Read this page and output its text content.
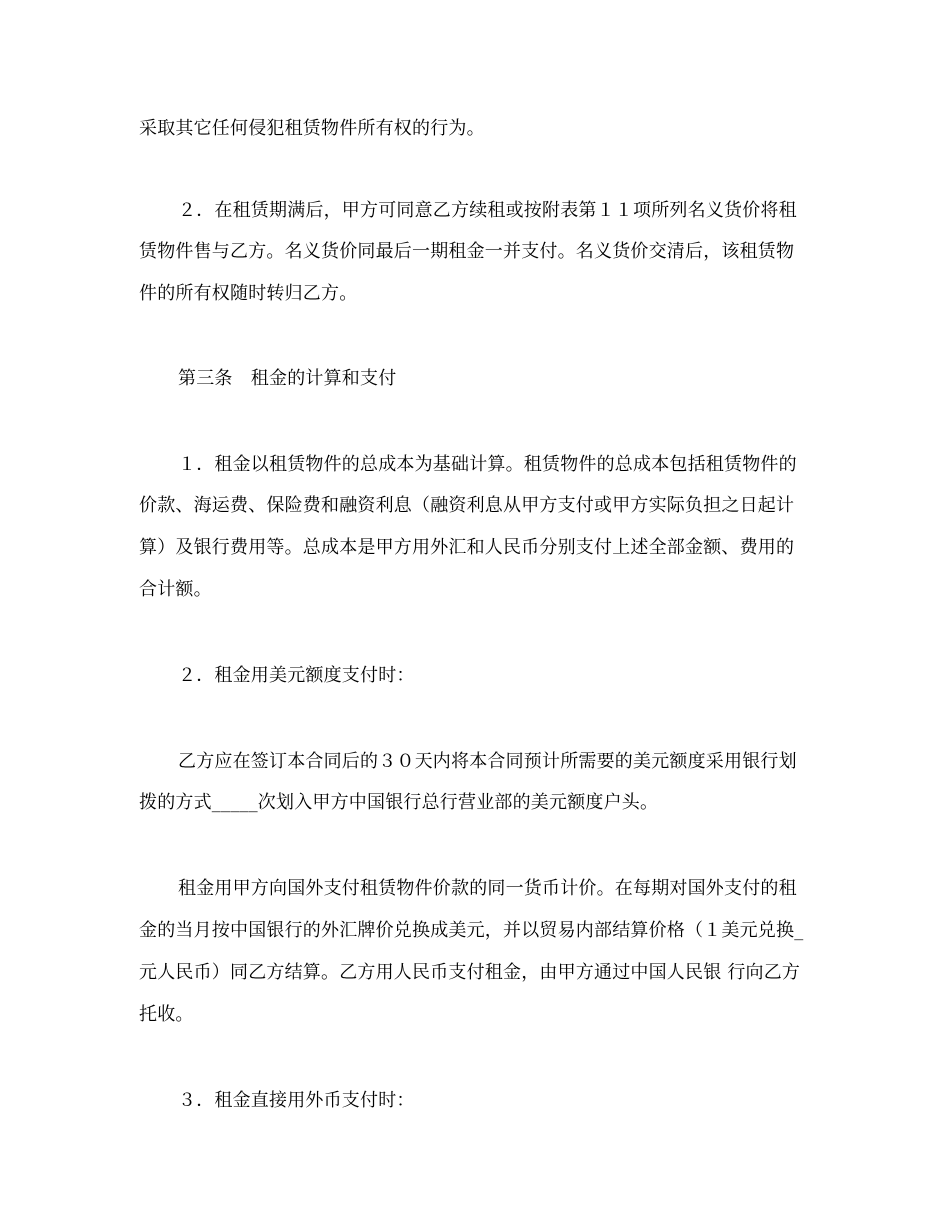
采取其它任何侵犯租赁物件所有权的行为。

２．在租赁期满后，甲方可同意乙方续租或按附表第１１项所列名义货价将租

赁物件售与乙方。名义货价同最后一期租金一并支付。名义货价交清后，该租赁物

件的所有权随时转归乙方。

第三条　租金的计算和支付

１．租金以租赁物件的总成本为基础计算。租赁物件的总成本包括租赁物件的

价款、海运费、保险费和融资利息（融资利息从甲方支付或甲方实际负担之日起计

算）及银行费用等。总成本是甲方用外汇和人民币分别支付上述全部金额、费用的

合计额。

２．租金用美元额度支付时：

乙方应在签订本合同后的３０天内将本合同预计所需要的美元额度采用银行划

拨的方式_____次划入甲方中国银行总行营业部的美元额度户头。

租金用甲方向国外支付租赁物件价款的同一货币计价。在每期对国外支付的租

金的当月按中国银行的外汇牌价兑换成美元，并以贸易内部结算价格（１美元兑换_

元人民币）同乙方结算。乙方用人民币支付租金，由甲方通过中国人民银 行向乙方

托收。

３．租金直接用外币支付时：
